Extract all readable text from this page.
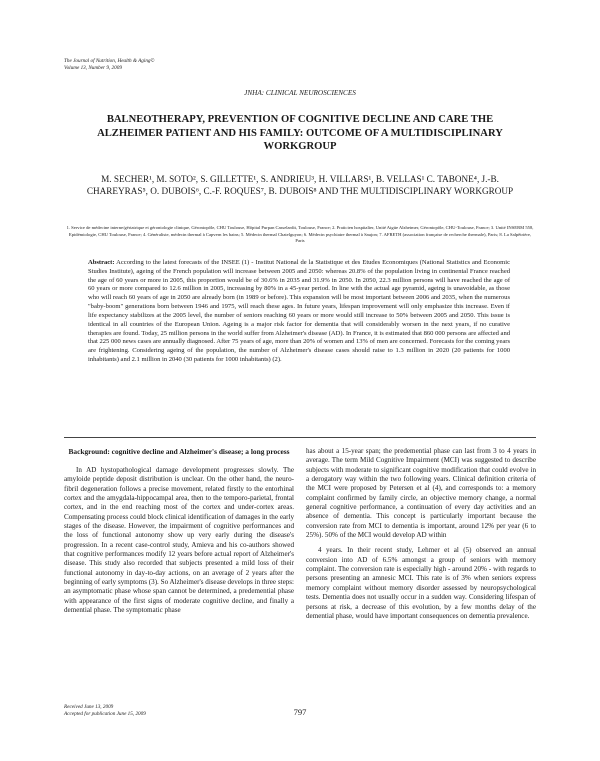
The Journal of Nutrition, Health & Aging©
Volume 13, Number 9, 2009
JNHA: CLINICAL NEUROSCIENCES
BALNEOTHERAPY, PREVENTION OF COGNITIVE DECLINE AND CARE THE ALZHEIMER PATIENT AND HIS FAMILY: OUTCOME OF A MULTIDISCIPLINARY WORKGROUP
M. SECHER¹, M. SOTO², S. GILLETTE¹, S. ANDRIEU³, H. VILLARS¹, B. VELLAS¹ C. TABONE⁴, J.-B. CHAREYRAS⁵, O. DUBOIS⁶, C.-F. ROQUES⁷, B. DUBOIS⁸ AND THE MULTIDISCIPLINARY WORKGROUP
1. Service de médecine interne/gériatrique et gérontologie clinique, Gérontopôle, CHU Toulouse, Hôpital Purpan Casselardit, Toulouse, France; 2. Praticien hospitalier, Unité Aigüe Alzheimer, Gérontopôle, CHU-Toulouse, France; 3. Unité INSERM 558, Epidémiologie, CHU Toulouse, France; 4. Généraliste, médecin thermal à Capvern les bains; 5. Médecin thermal Chatelguyon; 6. Médecin psychiatre thermal à Saujon; 7. AFRETH (association française de recherche thermale), Paris; 8. La Salpêtrière, Paris
Abstract: According to the latest forecasts of the INSEE (1) - Institut National de la Statistique et des Etudes Economiques (National Statistics and Economic Studies Institute), ageing of the French population will increase between 2005 and 2050: whereas 20.8% of the population living in continental France reached the age of 60 years or more in 2005, this proportion would be of 30.6% in 2035 and 31.9% in 2050. In 2050, 22.3 million persons will have reached the age of 60 years or more compared to 12.6 million in 2005, increasing by 80% in a 45-year period. In line with the actual age pyramid, ageing is unavoidable, as those who will reach 60 years of age in 2050 are already born (in 1989 or before). This expansion will be most important between 2006 and 2035, when the numerous "baby-boom" generations born between 1946 and 1975, will reach these ages. In future years, lifespan improvement will only emphasize this increase. Even if life expectancy stabilizes at the 2005 level, the number of seniors reaching 60 years or more would still increase to 50% between 2005 and 2050. This issue is identical in all countries of the European Union. Ageing is a major risk factor for dementia that will considerably worsen in the next years, if no curative therapies are found. Today, 25 million persons in the world suffer from Alzheimer's disease (AD). In France, it is estimated that 860 000 persons are affected and that 225 000 news cases are annually diagnosed. After 75 years of age, more than 20% of women and 13% of men are concerned. Forecasts for the coming years are frightening. Considering ageing of the population, the number of Alzheimer's disease cases should raise to 1.3 million in 2020 (20 patients for 1000 inhabitants) and 2.1 million in 2040 (30 patients for 1000 inhabitants) (2).
Background: cognitive decline and Alzheimer's disease; a long process

In AD hystopathological damage development progresses slowly. The amyloide peptide deposit distribution is unclear. On the other hand, the neuro-fibril degeneration follows a precise movement, related firstly to the entorhinal cortex and the amygdala-hippocampal area, then to the temporo-parietal, frontal cortex, and in the end reaching most of the cortex and under-cortex areas. Compensating process could block clinical identification of damages in the early stages of the disease. However, the impairment of cognitive performances and the loss of functional autonomy show up very early during the disease's progression. In a recent case-control study, Amieva and his co-authors showed that cognitive performances modify 12 years before actual report of Alzheimer's disease. This study also recorded that subjects presented a mild loss of their functional autonomy in day-to-day actions, on an average of 2 years after the beginning of early symptoms (3). So Alzheimer's disease develops in three steps: an asymptomatic phase whose span cannot be determined, a predemential phase with appearance of the first signs of moderate cognitive decline, and finally a demential phase. The symptomatic phase

has about a 15-year span; the predemential phase can last from 3 to 4 years in average. The term Mild Cognitive Impairment (MCI) was suggested to describe subjects with moderate to significant cognitive modification that could evolve in a derogatory way within the two following years. Clinical definition criteria of the MCI were proposed by Petersen et al (4), and corresponds to: a memory complaint confirmed by family circle, an objective memory change, a normal general cognitive performance, a continuation of every day activities and an absence of dementia. This concept is particularly important because the conversion rate from MCI to dementia is important, around 12% per year (6 to 25%). 50% of the MCI would develop AD within

4 years. In their recent study, Lehmer et al (5) observed an annual conversion into AD of 6.5% amongst a group of seniors with memory complaint. The conversion rate is especially high - around 20% - with regards to persons presenting an amnesic MCI. This rate is of 3% when seniors express memory complaint without memory disorder assessed by neuropsychological tests. Dementia does not usually occur in a sudden way. Considering lifespan of persons at risk, a decrease of this evolution, by a few months delay of the demential phase, would have important consequences on dementia prevalence.

Received June 13, 2009
Accepted for publication June 15, 2009	797
